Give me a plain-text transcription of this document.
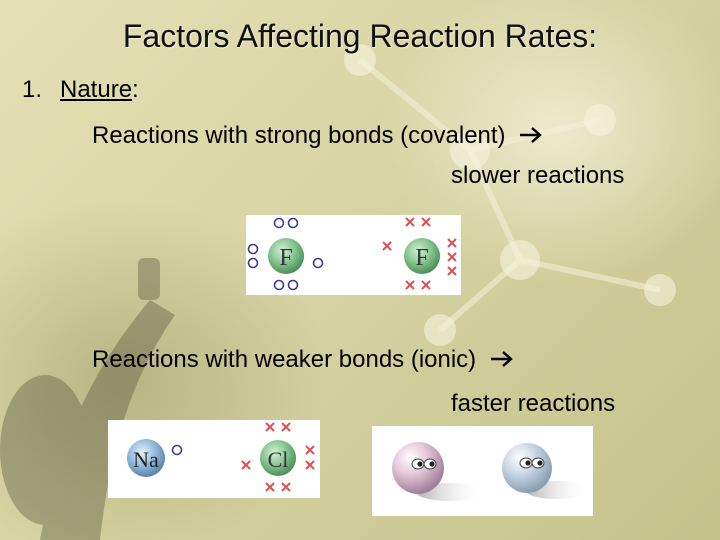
Factors Affecting Reaction Rates:
1. Nature:
Reactions with strong bonds (covalent)
slower reactions
F	F
Reactions with weaker bonds (ionic)
faster reactions
Na	Cl
